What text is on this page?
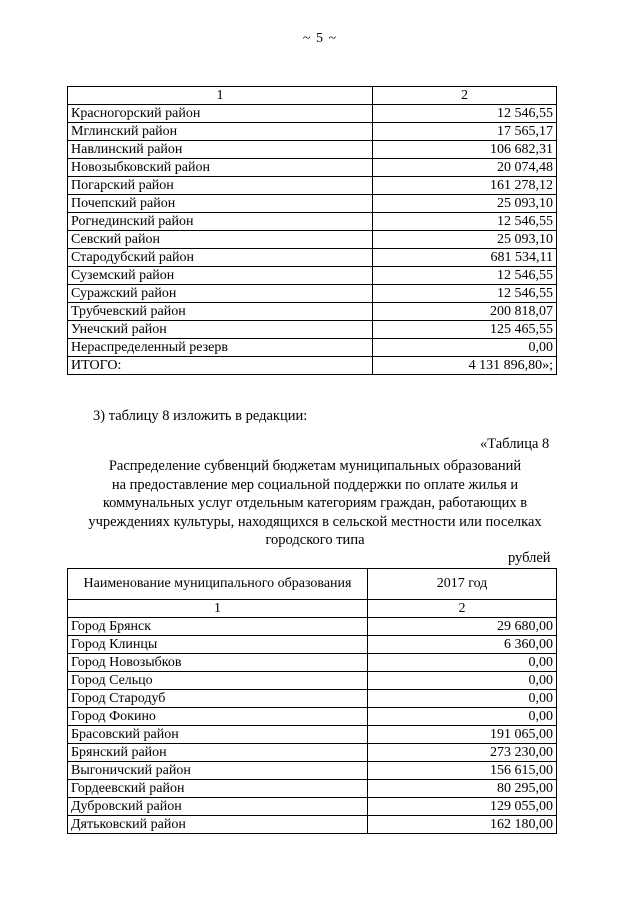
~ 5 ~
1	2
Красногорский район	12 546,55
Мглинский район	17 565,17
Навлинский район	106 682,31
Новозыбковский район	20 074,48
Погарский район	161 278,12
Почепский район	25 093,10
Рогнединский район	12 546,55
Севский район	25 093,10
Стародубский район	681 534,11
Суземский район	12 546,55
Суражский район	12 546,55
Трубчевский район	200 818,07
Унечский район	125 465,55
Нераспределенный резерв	0,00
ИТОГО:	4 131 896,80»;
3) таблицу 8 изложить в редакции:
«Таблица 8
Распределение субвенций бюджетам муниципальных образований
на предоставление мер социальной поддержки по оплате жилья и
коммунальных услуг отдельным категориям граждан, работающих в
учреждениях культуры, находящихся в сельской местности или поселках
городского типа
рублей
Наименование муниципального образования	2017 год
1	2
Город Брянск	29 680,00
Город Клинцы	6 360,00
Город Новозыбков	0,00
Город Сельцо	0,00
Город Стародуб	0,00
Город Фокино	0,00
Брасовский район	191 065,00
Брянский район	273 230,00
Выгоничский район	156 615,00
Гордеевский район	80 295,00
Дубровский район	129 055,00
Дятьковский район	162 180,00
